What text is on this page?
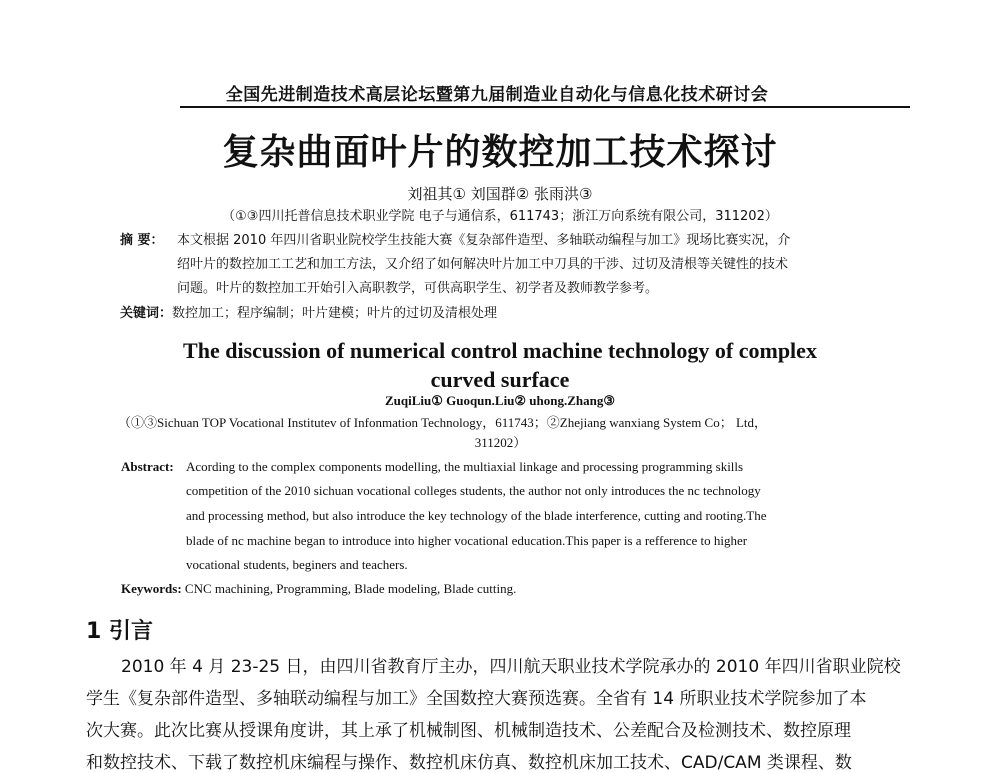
全国先进制造技术高层论坛暨第九届制造业自动化与信息化技术研讨会
复杂曲面叶片的数控加工技术探讨
刘祖其① 刘国群② 张雨洪③
（①③四川托普信息技术职业学院 电子与通信系，611743；浙江万向系统有限公司，311202）
摘 要： 本文根据 2010 年四川省职业院校学生技能大赛《复杂部件造型、多轴联动编程与加工》现场比赛实况，介
绍叶片的数控加工工艺和加工方法，又介绍了如何解决叶片加工中刀具的干涉、过切及清根等关键性的技术
问题。叶片的数控加工开始引入高职教学，可供高职学生、初学者及教师教学参考。
关键词：数控加工；程序编制；叶片建模；叶片的过切及清根处理
The discussion of numerical control machine technology of complex
curved surface
ZuqiLiu① Guoqun.Liu② uhong.Zhang③
（①③Sichuan TOP Vocational Institutev of Infonmation Technology，611743；②Zhejiang wanxiang System Co； Ltd，
311202）
Abstract: Acording to the complex components modelling, the multiaxial linkage and processing programming skills
competition of the 2010 sichuan vocational colleges students, the author not only introduces the nc technology
and processing method, but also introduce the key technology of the blade interference, cutting and rooting.The
blade of nc machine began to introduce into higher vocational education.This paper is a refference to higher
vocational students, beginers and teachers.
Keywords: CNC machining, Programming, Blade modeling, Blade cutting.
1 引言
2010 年 4 月 23-25 日，由四川省教育厅主办，四川航天职业技术学院承办的 2010 年四川省职业院校
学生《复杂部件造型、多轴联动编程与加工》全国数控大赛预选赛。全省有 14 所职业技术学院参加了本
次大赛。此次比赛从授课角度讲，其上承了机械制图、机械制造技术、公差配合及检测技术、数控原理
和数控技术、下载了数控机床编程与操作、数控机床仿真、数控机床加工技术、CAD/CAM 类课程、数
